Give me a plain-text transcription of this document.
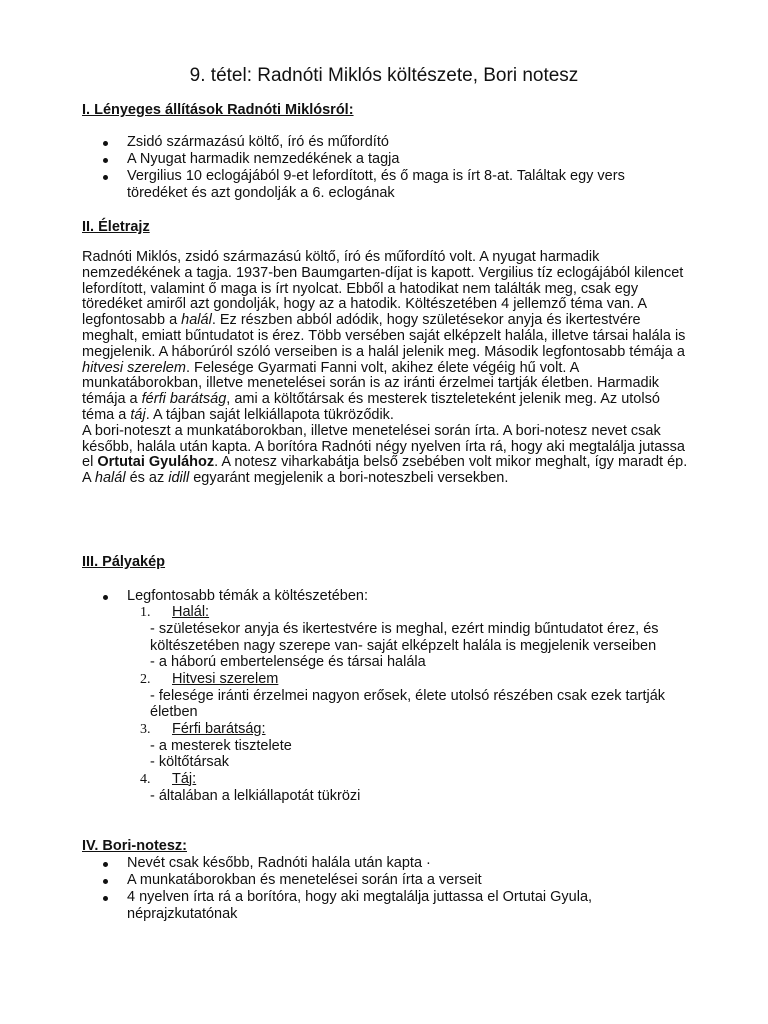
9. tétel: Radnóti Miklós költészete, Bori notesz
I. Lényeges állítások Radnóti Miklósról:
Zsidó származású költő, író és műfordító
A Nyugat harmadik nemzedékének a tagja
Vergilius 10 eclogájából 9-et lefordított, és ő maga is írt 8-at. Találtak egy vers töredéket és azt gondolják a 6. eclogának
II. Életrajz

Radnóti Miklós, zsidó származású költő, író és műfordító volt. A nyugat harmadik nemzedékének a tagja. 1937-ben Baumgarten-díjat is kapott. Vergilius tíz eclogájából kilencet lefordított, valamint ő maga is írt nyolcat. Ebből a hatodikat nem találták meg, csak egy töredéket amiről azt gondolják, hogy az a hatodik. Költészetében 4 jellemző téma van. A legfontosabb a halál. Ez részben abból adódik, hogy születésekor anyja és ikertestvére meghalt, emiatt bűntudatot is érez. Több versében saját elképzelt halála, illetve társai halála is megjelenik. A háborúról szóló verseiben is a halál jelenik meg. Második legfontosabb témája a hitvesi szerelem. Felesége Gyarmati Fanni volt, akihez élete végéig hű volt. A munkatáborokban, illetve menetelései során is az iránti érzelmei tartják életben. Harmadik témája a férfi barátság, ami a költőtársak és mesterek tiszteleteként jelenik meg. Az utolsó téma a táj. A tájban saját lelkiállapota tükröződik.

A bori-noteszt a munkatáborokban, illetve menetelései során írta. A bori-notesz nevet csak később, halála után kapta. A borítóra Radnóti négy nyelven írta rá, hogy aki megtalálja jutassa el Ortutai Gyulához. A notesz viharkabátja belső zsebében volt mikor meghalt, így maradt ép.

A halál és az idill egyaránt megjelenik a bori-noteszbeli versekben.

III. Pályakép
Legfontosabb témák a költészetében:
1. Halál:
- születésekor anyja és ikertestvére is meghal, ezért mindig bűntudatot érez, és költészetében nagy szerepe van- saját elképzelt halála is megjelenik verseiben
- a háború embertelensége és társai halála
2. Hitvesi szerelem
- felesége iránti érzelmei nagyon erősek, élete utolsó részében csak ezek tartják életben
3. Férfi barátság:
- a mesterek tisztelete
- költőtársak
4. Táj:
- általában a lelkiállapotát tükrözi
IV. Bori-notesz:
Nevét csak később, Radnóti halála után kapta ·
A munkatáborokban és menetelései során írta a verseit
4 nyelven írta rá a borítóra, hogy aki megtalálja juttassa el Ortutai Gyula, néprajzkutatónak
